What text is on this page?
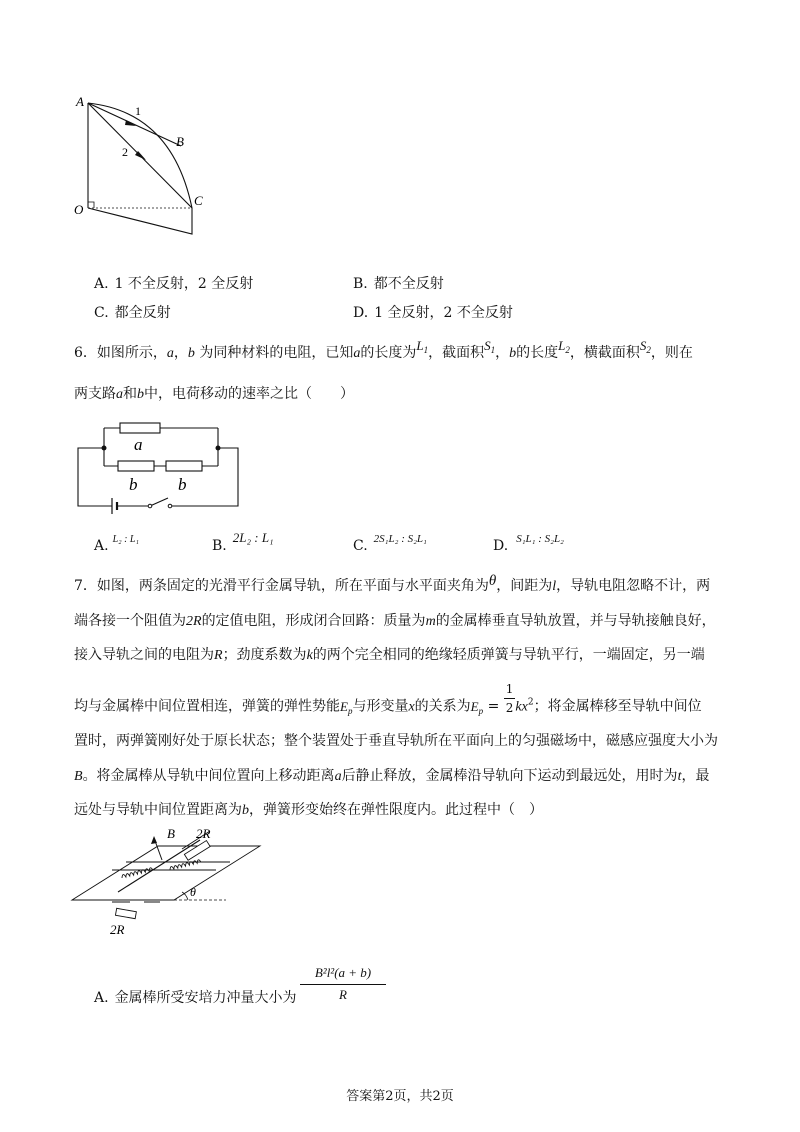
A
B
C
O
1
2
A. 1 不全反射，2 全反射	B. 都不全反射
C. 都全反射	D. 1 全反射，2 不全反射
6．如图所示，a，b 为同种材料的电阻，已知a的长度为$L_1$，截面积$S_1$，b的长度$L_2$，横截面积$S_2$，则在
两支路a和b中，电荷移动的速率之比（　　）
a
b b
A. $^{L_2 : L_1}$	B.2L₂ : L₁
C. $^{2S_1L_2 : S_2L_1}$	D. $^{S_1L_1 : S_2L_2}$
7．如图，两条固定的光滑平行金属导轨，所在平面与水平面夹角为θ，间距为l，导轨电阻忽略不计，两
端各接一个阻值为2R的定值电阻，形成闭合回路：质量为m的金属棒垂直导轨放置，并与导轨接触良好，
接入导轨之间的电阻为R；劲度系数为k的两个完全相同的绝缘轻质弹簧与导轨平行，一端固定，另一端
均与金属棒中间位置相连，弹簧的弹性势能$E_p$与形变量x的关系为$E_p = \frac{1}{2} kx^2$；将金属棒移至导轨中间位
置时，两弹簧刚好处于原长状态；整个装置处于垂直导轨所在平面向上的匀强磁场中，磁感应强度大小为
B。将金属棒从导轨中间位置向上移动距离a后静止释放，金属棒沿导轨向下运动到最远处，用时为t，最
远处与导轨中间位置距离为b，弹簧形变始终在弹性限度内。此过程中（　）
B 2R
2R
θ
A. 金属棒所受安培力冲量大小为
B²l²(a + b)
R
答案第2页，共2页
